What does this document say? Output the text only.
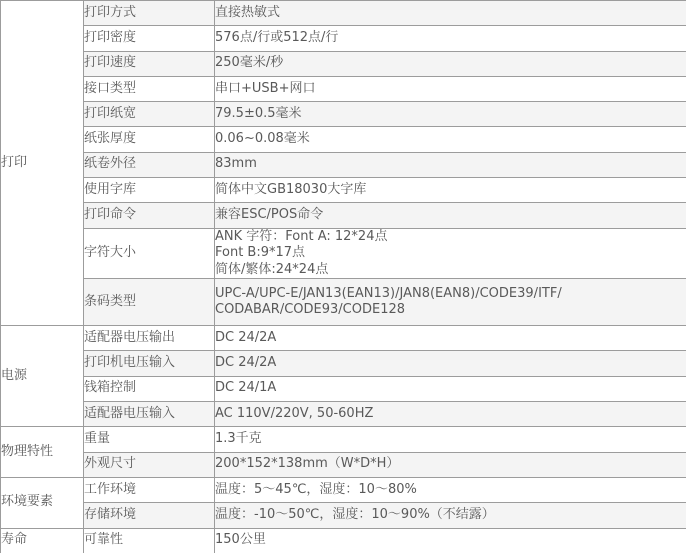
打印	打印方式	直接热敏式
	打印密度	576点/行或512点/行
	打印速度	250毫米/秒
	接口类型	串口+USB+网口
	打印纸宽	79.5±0.5毫米
	纸张厚度	0.06~0.08毫米
	纸卷外径	83mm
	使用字库	简体中文GB18030大字库
	打印命令	兼容ESC/POS命令
	字符大小	ANK 字符：Font A: 12*24点
Font B:9*17点
简体/繁体:24*24点

	条码类型	UPC-A/UPC-E/JAN13(EAN13)/JAN8(EAN8)/CODE39/ITF/
CODABAR/CODE93/CODE128

电源	适配器电压输出	DC 24/2A
	打印机电压输入	DC 24/2A
	钱箱控制	DC 24/1A
	适配器电压输入	AC 110V/220V, 50-60HZ
物理特性	重量	1.3千克
	外观尺寸	200*152*138mm（W*D*H）
环境要素	工作环境	温度：5～45℃，湿度：10～80%
	存储环境	温度：-10～50℃，湿度：10～90%（不结露）
寿命	可靠性	150公里
